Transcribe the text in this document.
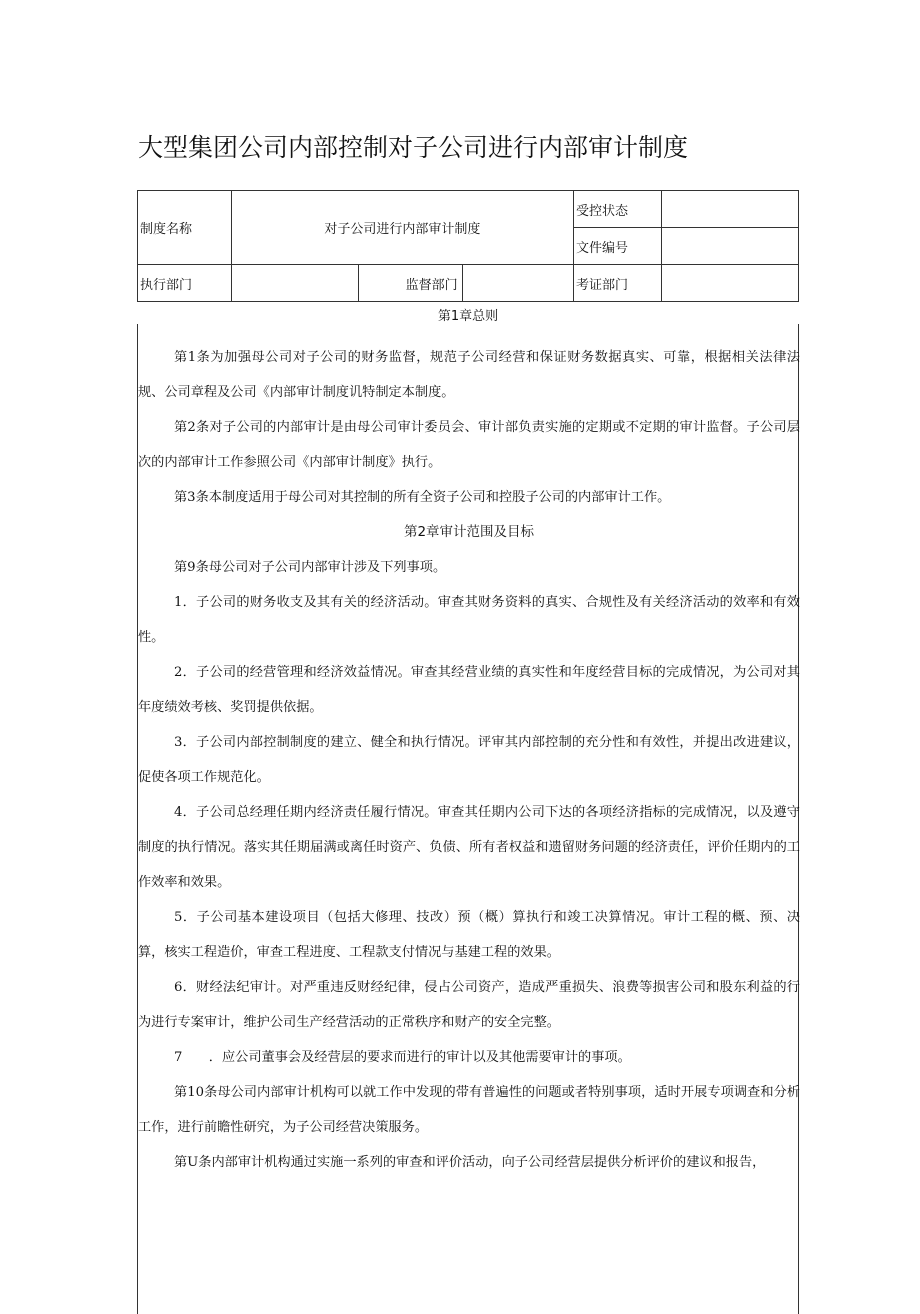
大型集团公司内部控制对子公司进行内部审计制度
制度名称	对子公司进行内部审计制度			受控状态	
				文件编号	
执行部门		监督部门		考证部门	
第1章总则

第1条为加强母公司对子公司的财务监督，规范子公司经营和保证财务数据真实、可靠，根据相关法律法规、公司章程及公司《内部审计制度讥特制定本制度。

第2条对子公司的内部审计是由母公司审计委员会、审计部负责实施的定期或不定期的审计监督。子公司层次的内部审计工作参照公司《内部审计制度》执行。

第3条本制度适用于母公司对其控制的所有全资子公司和控股子公司的内部审计工作。

第2章审计范围及目标

第9条母公司对子公司内部审计涉及下列事项。

1．子公司的财务收支及其有关的经济活动。审查其财务资料的真实、合规性及有关经济活动的效率和有效性。

2．子公司的经营管理和经济效益情况。审查其经营业绩的真实性和年度经营目标的完成情况，为公司对其年度绩效考核、奖罚提供依据。

3．子公司内部控制制度的建立、健全和执行情况。评审其内部控制的充分性和有效性，并提出改进建议，促使各项工作规范化。

4．子公司总经理任期内经济责任履行情况。审查其任期内公司下达的各项经济指标的完成情况，以及遵守制度的执行情况。落实其任期届满或离任时资产、负债、所有者权益和遗留财务问题的经济责任，评价任期内的工作效率和效果。

5．子公司基本建设项目（包括大修理、技改）预（概）算执行和竣工决算情况。审计工程的概、预、决算，核实工程造价，审查工程进度、工程款支付情况与基建工程的效果。

6．财经法纪审计。对严重违反财经纪律，侵占公司资产，造成严重损失、浪费等损害公司和股东利益的行为进行专案审计，维护公司生产经营活动的正常秩序和财产的安全完整。

7　　．应公司董事会及经营层的要求而进行的审计以及其他需要审计的事项。

第10条母公司内部审计机构可以就工作中发现的带有普遍性的问题或者特别事项，适时开展专项调查和分析工作，进行前瞻性研究，为子公司经营决策服务。

第U条内部审计机构通过实施一系列的审查和评价活动，向子公司经营层提供分析评价的建议和报告，
